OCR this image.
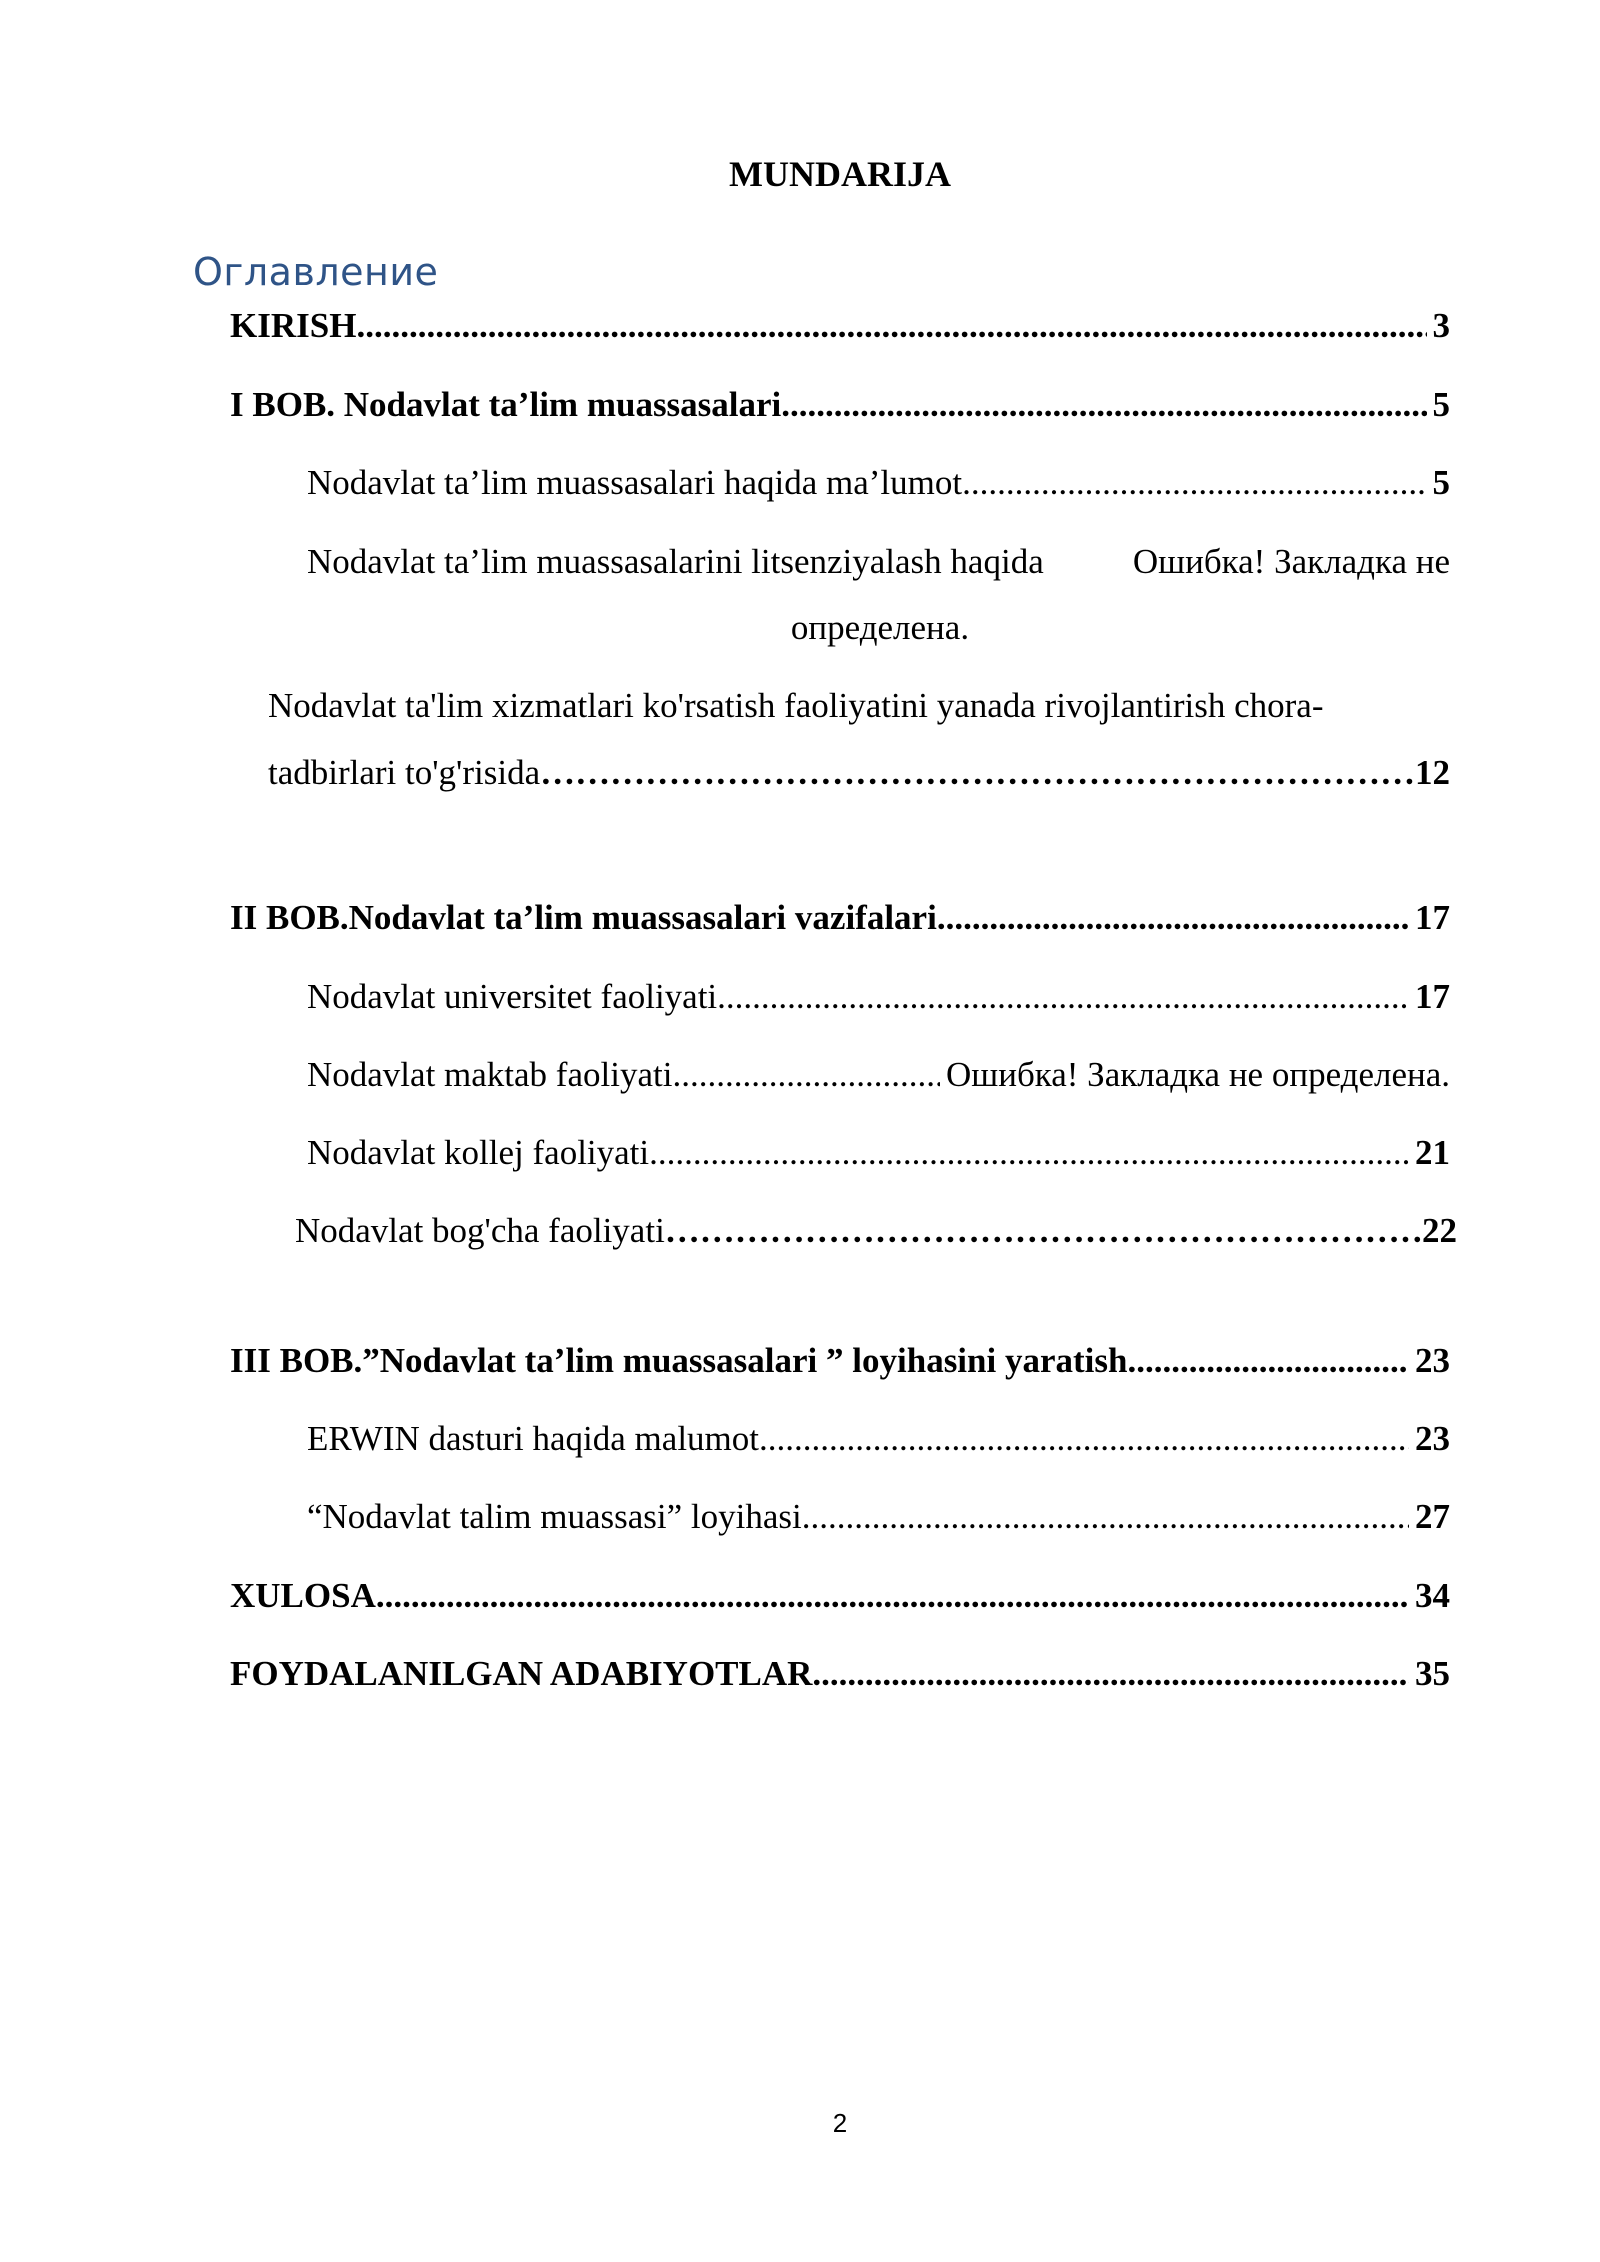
MUNDARIJA
Оглавление
KIRISH .....	3
I BOB. Nodavlat ta’lim muassasalari .....	5
Nodavlat ta’lim muassasalari haqida ma’lumot .....	5
Nodavlat ta’lim muassasalarini litsenziyalash haqida	Ошибка! Закладка не
определена.
Nodavlat ta'lim xizmatlari ko'rsatish faoliyatini yanada rivojlantirish chora-
tadbirlari to'g'risida …………………………………………………………………………………………………………………………………………	12
II BOB.Nodavlat ta’lim muassasalari vazifalari .....	17
Nodavlat universitet faoliyati .....	17
Nodavlat maktab faoliyati .....	Ошибка! Закладка не определена.
Nodavlat kollej faoliyati .....	21
Nodavlat bog'cha faoliyati …………………………………………………………………………………………………………………………………………	22
III BOB.”Nodavlat ta’lim muassasalari ” loyihasini yaratish .....	23
ERWIN dasturi haqida malumot .....	23
“Nodavlat talim muassasi” loyihasi .....	27
XULOSA .....	34
FOYDALANILGAN ADABIYOTLAR .....	35
2
